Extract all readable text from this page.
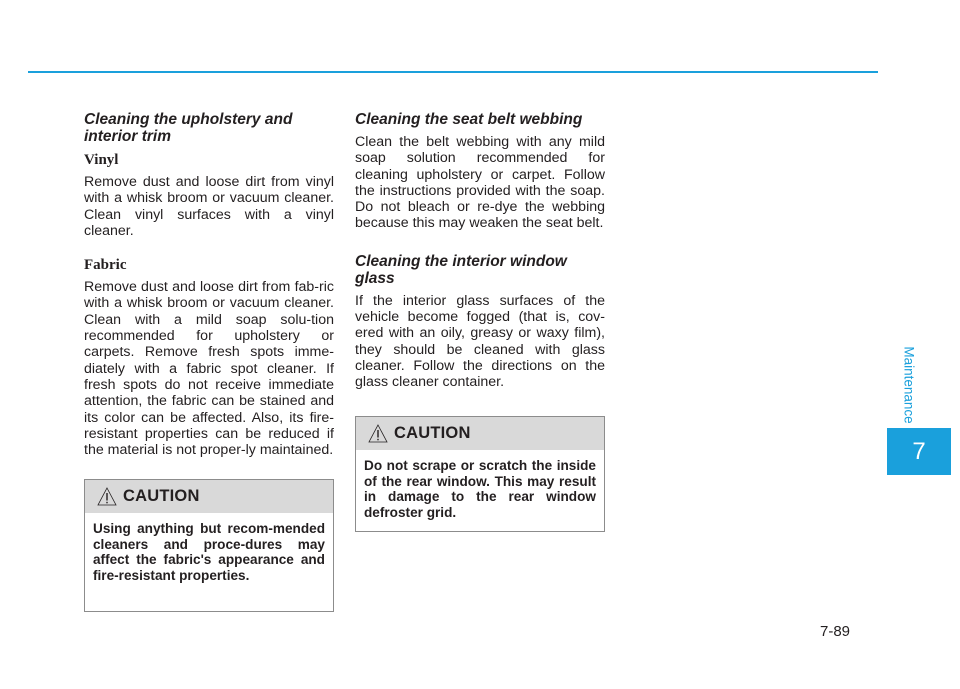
Cleaning the upholstery and interior trim
Vinyl

Remove dust and loose dirt from vinyl with a whisk broom or vacuum cleaner. Clean vinyl surfaces with a vinyl cleaner.

Fabric

Remove dust and loose dirt from fab-ric with a whisk broom or vacuum cleaner. Clean with a mild soap solu-tion recommended for upholstery or carpets. Remove fresh spots imme-diately with a fabric spot cleaner. If fresh spots do not receive immediate attention, the fabric can be stained and its color can be affected. Also, its fire-resistant properties can be reduced if the material is not proper-ly maintained.

CAUTION
Using anything but recom-mended cleaners and proce-dures may affect the fabric's appearance and fire-resistant properties.
Cleaning the seat belt webbing

Clean the belt webbing with any mild soap solution recommended for cleaning upholstery or carpet. Follow the instructions provided with the soap. Do not bleach or re-dye the webbing because this may weaken the seat belt.

Cleaning the interior window glass

If the interior glass surfaces of the vehicle become fogged (that is, cov-ered with an oily, greasy or waxy film), they should be cleaned with glass cleaner. Follow the directions on the glass cleaner container.

CAUTION
Do not scrape or scratch the inside of the rear window. This may result in damage to the rear window defroster grid.
Maintenance
7
7-89
